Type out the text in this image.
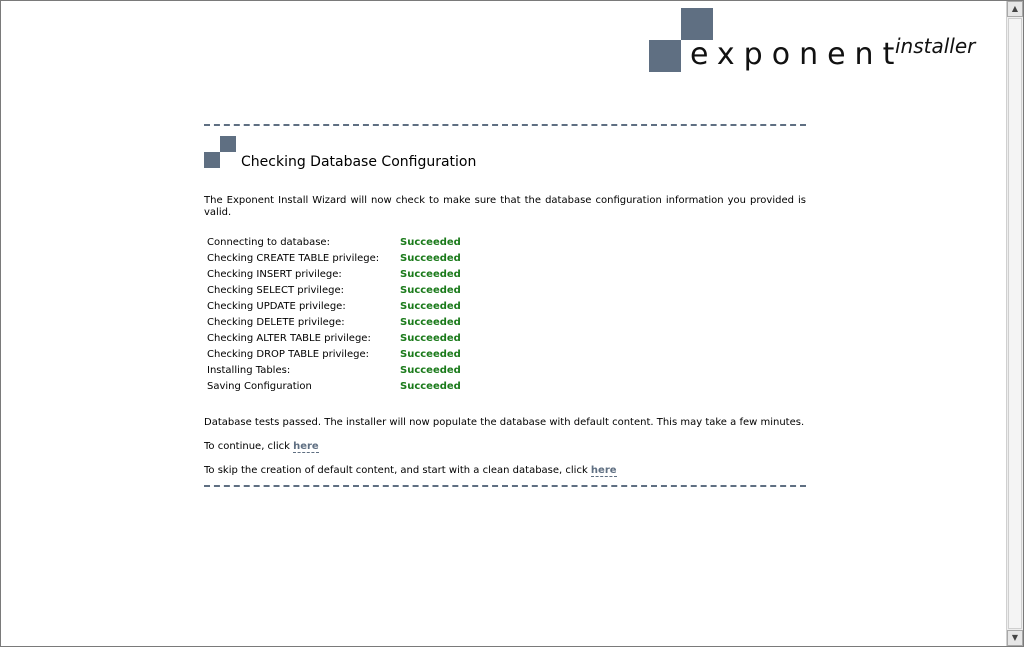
exponent
installer
Checking Database Configuration

The Exponent Install Wizard will now check to make sure that the database configuration information you provided is valid.

Connecting to database:	Succeeded
Checking CREATE TABLE privilege:	Succeeded
Checking INSERT privilege:	Succeeded
Checking SELECT privilege:	Succeeded
Checking UPDATE privilege:	Succeeded
Checking DELETE privilege:	Succeeded
Checking ALTER TABLE privilege:	Succeeded
Checking DROP TABLE privilege:	Succeeded
Installing Tables:	Succeeded
Saving Configuration	Succeeded

Database tests passed. The installer will now populate the database with default content. This may take a few minutes.

To continue, click here

To skip the creation of default content, and start with a clean database, click here

▲
▼
